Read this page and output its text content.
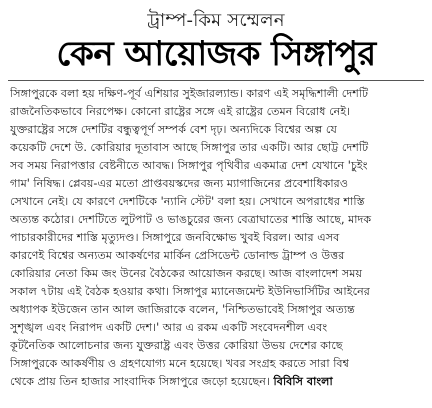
ট্রাম্প-কিম সম্মেলন
কেন আয়োজক সিঙ্গাপুর
সিঙ্গাপুরকে বলা হয় দক্ষিণ-পূর্ব এশিয়ার সুইজারল্যান্ড। কারণ এই সমৃদ্ধিশালী দেশটি
রাজনৈতিকভাবে নিরপেক্ষ। কোনো রাষ্ট্রের সঙ্গে এই রাষ্ট্রের তেমন বিরোধ নেই।
যুক্তরাষ্ট্রের সঙ্গে দেশটির বন্ধুত্বপূর্ণ সম্পর্ক বেশ দৃঢ়। অন্যদিকে বিশ্বের অল্প যে
কয়েকটি দেশে উ. কোরিয়ার দূতাবাস আছে সিঙ্গাপুর তার একটি। আর ছোট্ট দেশটি
সব সময় নিরাপত্তার বেষ্টনীতে আবদ্ধ। সিঙ্গাপুর পৃথিবীর একমাত্র দেশ যেখানে 'চুইং
গাম' নিষিদ্ধ। প্লেবয়-এর মতো প্রাপ্তবয়স্কদের জন্য ম্যাগাজিনের প্রবেশাধিকারও
সেখানে নেই। যে কারণে দেশটিকে 'ন্যানি স্টেট' বলা হয়। সেখানে অপরাধের শাস্তি
অত্যন্ত কঠোর। দেশটিতে লুটপাট ও ভাঙচুরের জন্য বেত্রাঘাতের শাস্তি আছে, মাদক
পাচারকারীদের শাস্তি মৃত্যুদণ্ড। সিঙ্গাপুরে জনবিক্ষোভ খুবই বিরল। আর এসব
কারণেই বিশ্বের অন্যতম আকর্ষণের মার্কিন প্রেসিডেন্ট ডোনাল্ড ট্রাম্প ও উত্তর
কোরিয়ার নেতা কিম জং উনের বৈঠকের আয়োজন করছে। আজ বাংলাদেশ সময়
সকাল ৭টায় এই বৈঠক হওয়ার কথা। সিঙ্গাপুর ম্যানেজমেন্ট ইউনিভার্সিটির আইনের
অধ্যাপক ইউজেন তান আল জাজিরাকে বলেন, 'নিশ্চিতভাবেই সিঙ্গাপুর অত্যন্ত
সুশৃঙ্খল এবং নিরাপদ একটি দেশ।' আর এ রকম একটি সংবেদনশীল এবং
কূটনৈতিক আলোচনার জন্য যুক্তরাষ্ট্র এবং উত্তর কোরিয়া উভয় দেশের কাছে
সিঙ্গাপুরকে আকর্ষণীয় ও গ্রহণযোগ্য মনে হয়েছে। খবর সংগ্রহ করতে সারা বিশ্ব
থেকে প্রায় তিন হাজার সাংবাদিক সিঙ্গাপুরে জড়ো হয়েছেন। বিবিসি বাংলা
